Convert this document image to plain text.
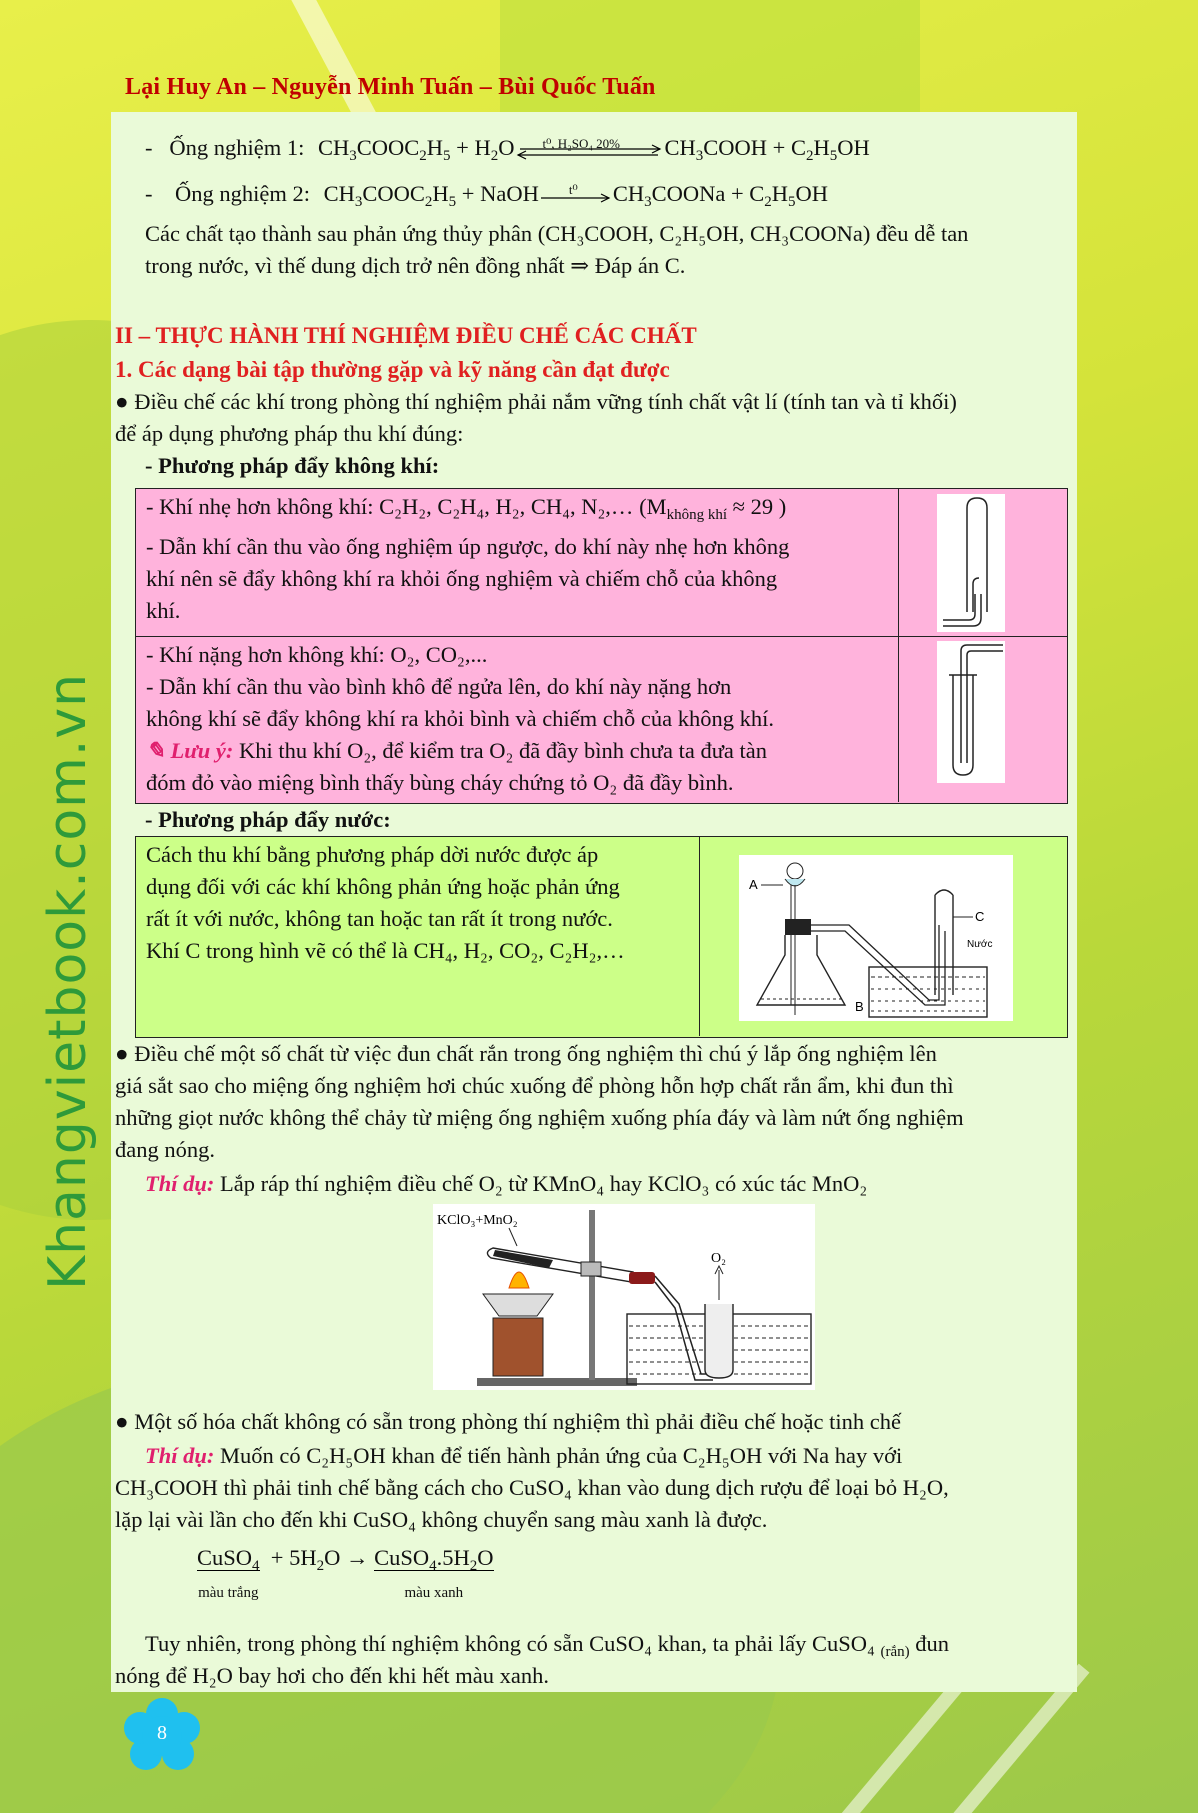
Lại Huy An – Nguyễn Minh Tuấn – Bùi Quốc Tuấn
Khangvietbook.com.vn
-   Ống nghiệm 1: $CH_3COOC_2H_5 + H_2O$ t⁰, H₂SO₄ 20% $CH_3COOH + C_2H_5OH$
-    Ống nghiệm 2: $CH_3COOC_2H_5$ + NaOH t⁰ $CH_3COONa + C_2H_5OH$
Các chất tạo thành sau phản ứng thủy phân (CH₃COOH, C₂H₅OH, CH₃COONa) đều dễ tan
trong nước, vì thế dung dịch trở nên đồng nhất ⇒ Đáp án C.
II – THỰC HÀNH THÍ NGHIỆM ĐIỀU CHẾ CÁC CHẤT
1. Các dạng bài tập thường gặp và kỹ năng cần đạt được
● Điều chế các khí trong phòng thí nghiệm phải nắm vững tính chất vật lí (tính tan và tỉ khối)
để áp dụng phương pháp thu khí đúng:
- Phương pháp đẩy không khí:
- Khí nhẹ hơn không khí: C₂H₂, C₂H₄, H₂, CH₄, N₂,… ($M_{không khí} \approx 29$ )
- Dẫn khí cần thu vào ống nghiệm úp ngược, do khí này nhẹ hơn không
khí nên sẽ đẩy không khí ra khỏi ống nghiệm và chiếm chỗ của không
khí.
- Khí nặng hơn không khí: O₂, CO₂,...
- Dẫn khí cần thu vào bình khô để ngửa lên, do khí này nặng hơn
không khí sẽ đẩy không khí ra khỏi bình và chiếm chỗ của không khí.
✎ Lưu ý: Khi thu khí O₂, để kiểm tra O₂ đã đầy bình chưa ta đưa tàn
đóm đỏ vào miệng bình thấy bùng cháy chứng tỏ O₂ đã đầy bình.
- Phương pháp đẩy nước:
Cách thu khí bằng phương pháp dời nước được áp
dụng đối với các khí không phản ứng hoặc phản ứng
rất ít với nước, không tan hoặc tan rất ít trong nước.
Khí C trong hình vẽ có thể là CH₄, H₂, CO₂, C₂H₂,…
A
C
Nước
B
● Điều chế một số chất từ việc đun chất rắn trong ống nghiệm thì chú ý lắp ống nghiệm lên
giá sắt sao cho miệng ống nghiệm hơi chúc xuống để phòng hỗn hợp chất rắn ẩm, khi đun thì
những giọt nước không thể chảy từ miệng ống nghiệm xuống phía đáy và làm nứt ống nghiệm
đang nóng.
Thí dụ: Lắp ráp thí nghiệm điều chế O₂ từ KMnO₄ hay KClO₃ có xúc tác MnO₂
KClO₃+MnO₂
O₂
● Một số hóa chất không có sẵn trong phòng thí nghiệm thì phải điều chế hoặc tinh chế
Thí dụ: Muốn có C₂H₅OH khan để tiến hành phản ứng của C₂H₅OH với Na hay với
CH₃COOH thì phải tinh chế bằng cách cho CuSO₄ khan vào dung dịch rượu để loại bỏ H₂O,
lặp lại vài lần cho đến khi CuSO₄ không chuyển sang màu xanh là được.
CuSO$_4$
màu trắng  + $5H_2O$ → $CuSO_4.5H_2O$
màu xanh
Tuy nhiên, trong phòng thí nghiệm không có sẵn CuSO₄ khan, ta phải lấy CuSO₄ $_{(rắn)}$ đun
nóng để H₂O bay hơi cho đến khi hết màu xanh.
8
